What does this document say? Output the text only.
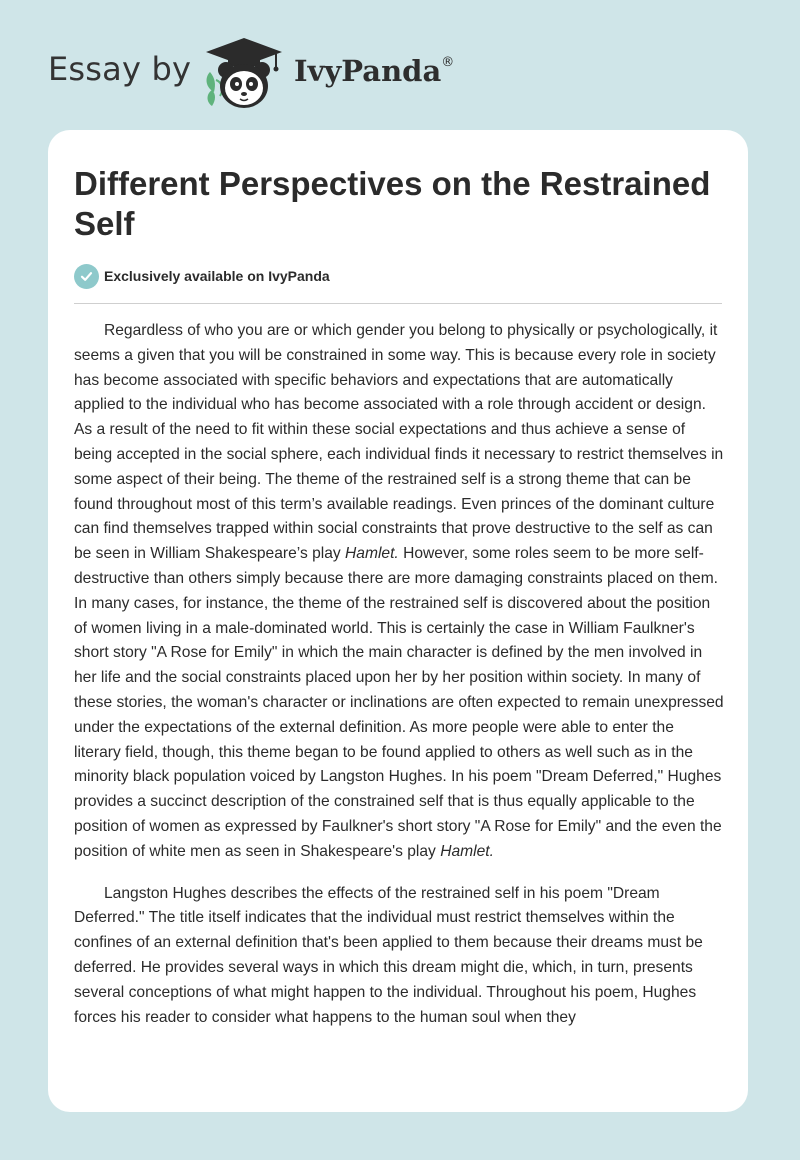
Essay by	IvyPanda®
Different Perspectives on the Restrained Self
Exclusively available on IvyPanda

Regardless of who you are or which gender you belong to physically or psychologically, it seems a given that you will be constrained in some way. This is because every role in society has become associated with specific behaviors and expectations that are automatically applied to the individual who has become associated with a role through accident or design. As a result of the need to fit within these social expectations and thus achieve a sense of being accepted in the social sphere, each individual finds it necessary to restrict themselves in some aspect of their being. The theme of the restrained self is a strong theme that can be found throughout most of this term’s available readings. Even princes of the dominant culture can find themselves trapped within social constraints that prove destructive to the self as can be seen in William Shakespeare’s play Hamlet. However, some roles seem to be more self-destructive than others simply because there are more damaging constraints placed on them. In many cases, for instance, the theme of the restrained self is discovered about the position of women living in a male-dominated world. This is certainly the case in William Faulkner's short story "A Rose for Emily" in which the main character is defined by the men involved in her life and the social constraints placed upon her by her position within society. In many of these stories, the woman's character or inclinations are often expected to remain unexpressed under the expectations of the external definition. As more people were able to enter the literary field, though, this theme began to be found applied to others as well such as in the minority black population voiced by Langston Hughes. In his poem "Dream Deferred," Hughes provides a succinct description of the constrained self that is thus equally applicable to the position of women as expressed by Faulkner's short story "A Rose for Emily" and the even the position of white men as seen in Shakespeare's play Hamlet.

Langston Hughes describes the effects of the restrained self in his poem "Dream Deferred." The title itself indicates that the individual must restrict themselves within the confines of an external definition that's been applied to them because their dreams must be deferred. He provides several ways in which this dream might die, which, in turn, presents several conceptions of what might happen to the individual. Throughout his poem, Hughes forces his reader to consider what happens to the human soul when they
